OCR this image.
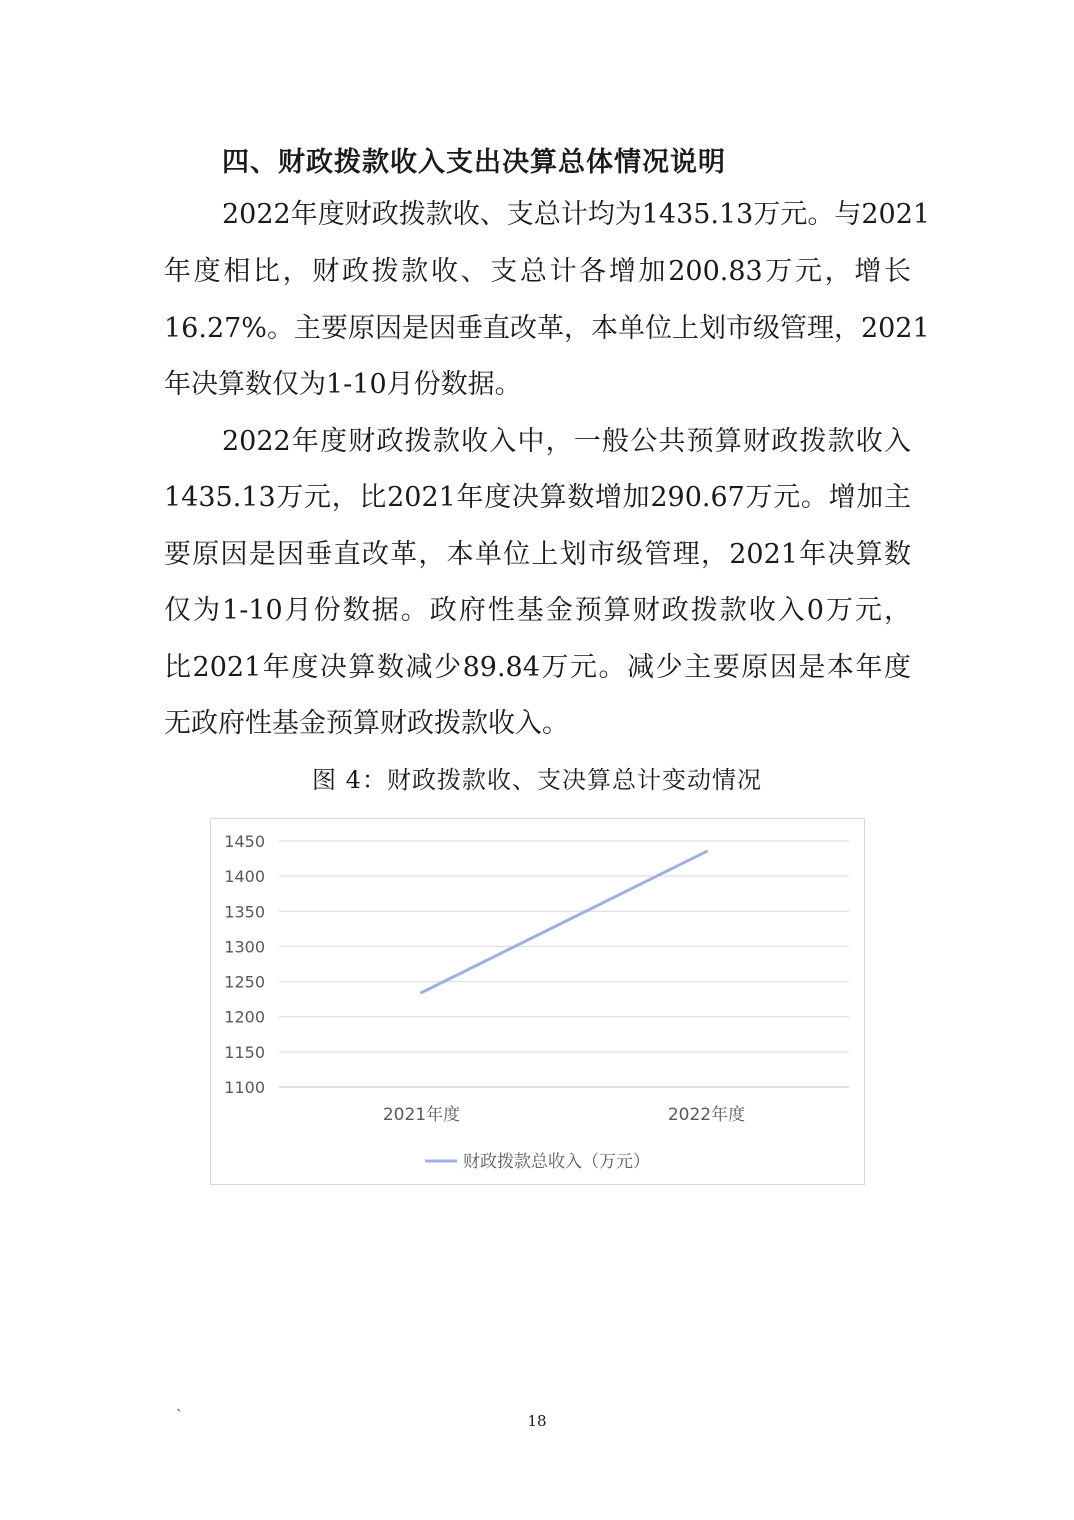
四、财政拨款收入支出决算总体情况说明
2022年度财政拨款收、支总计均为1435.13万元。与2021
年度相比，财政拨款收、支总计各增加200.83万元，增长
16.27%。主要原因是因垂直改革，本单位上划市级管理，2021
年决算数仅为1-10月份数据。
2022年度财政拨款收入中，一般公共预算财政拨款收入
1435.13万元，比2021年度决算数增加290.67万元。增加主
要原因是因垂直改革，本单位上划市级管理，2021年决算数
仅为1-10月份数据。政府性基金预算财政拨款收入0万元，
比2021年度决算数减少89.84万元。减少主要原因是本年度
无政府性基金预算财政拨款收入。
图 4：财政拨款收、支决算总计变动情况
1100
1150
1200
1250
1300
1350
1400
1450
2021年度	2022年度
财政拨款总收入（万元）
`	18
